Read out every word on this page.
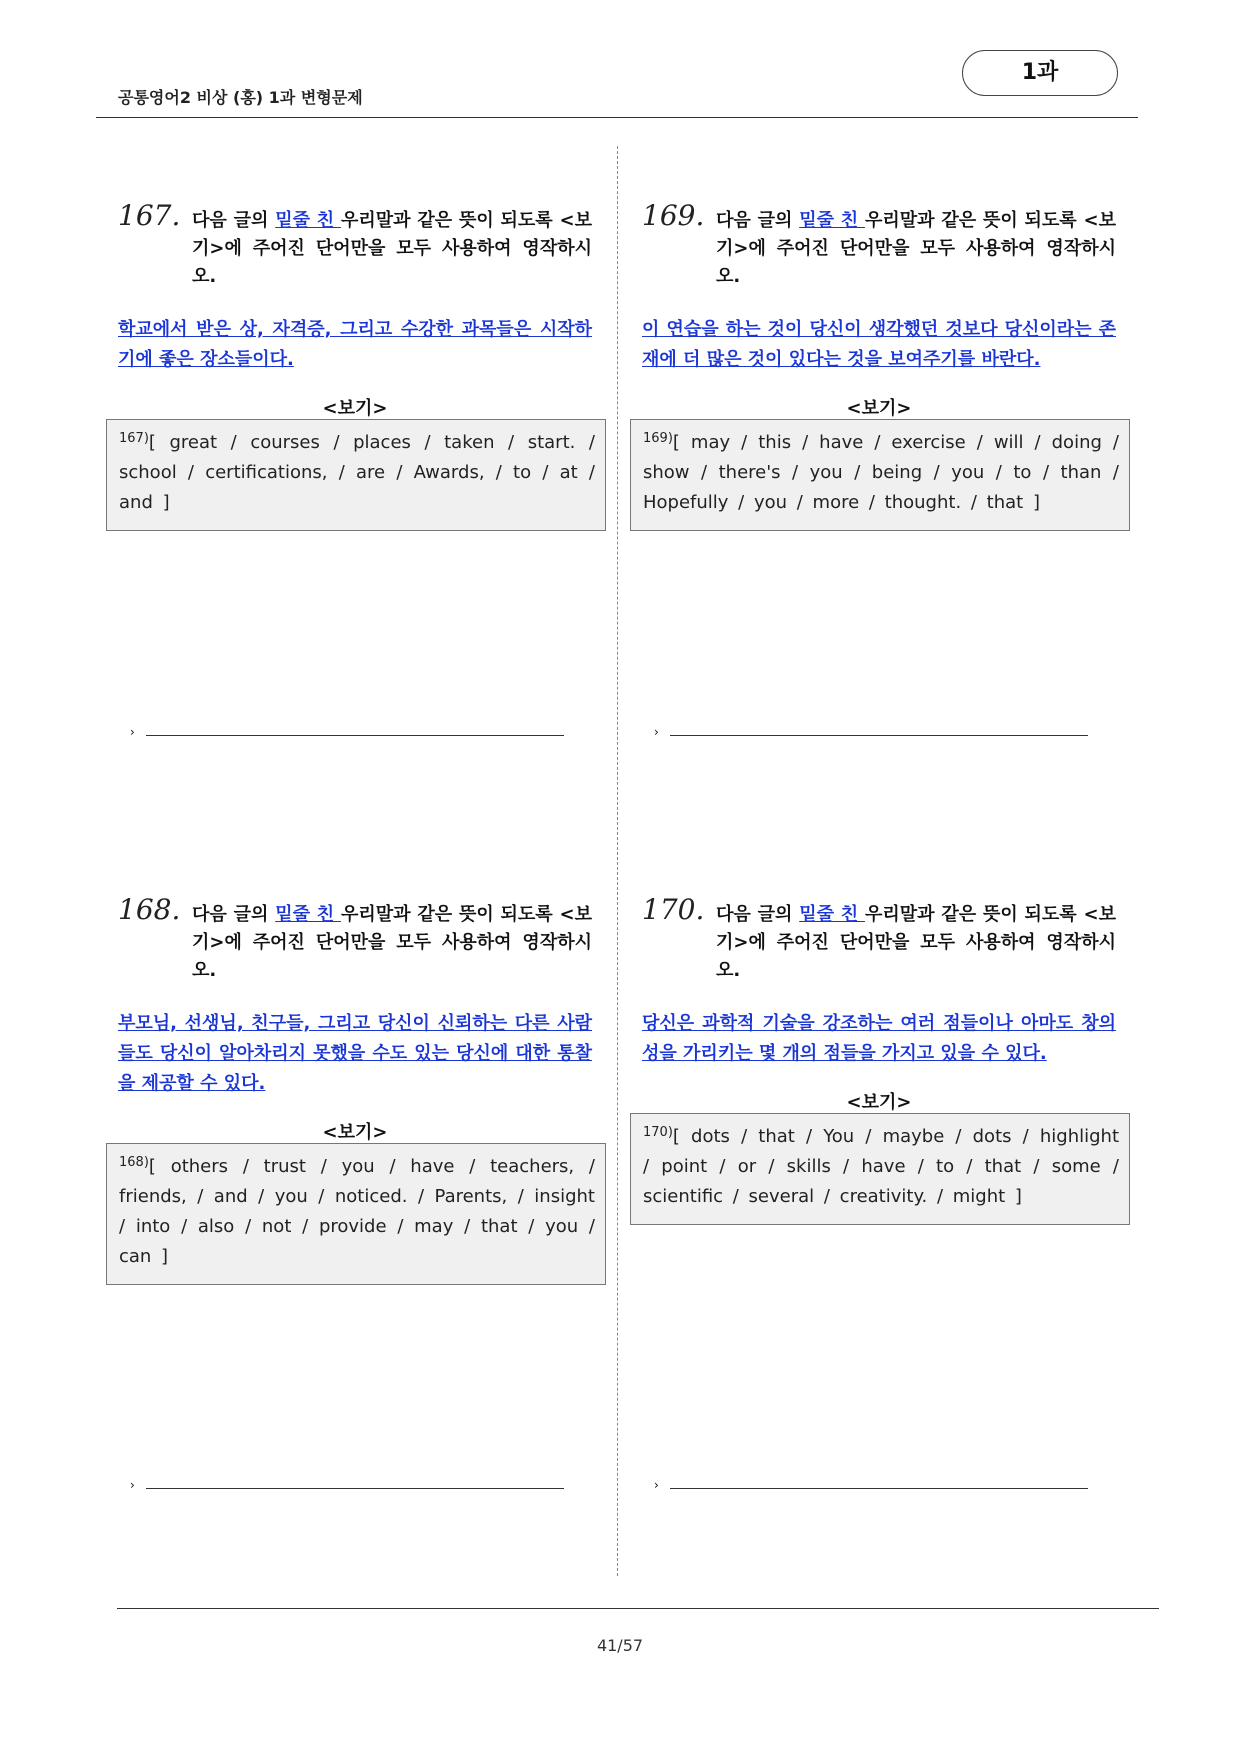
공통영어2 비상 (홍) 1과 변형문제
1과
167. 다음 글의 밑줄 친 우리말과 같은 뜻이 되도록 <보기>에 주어진 단어만을 모두 사용하여 영작하시오.
학교에서 받은 상, 자격증, 그리고 수강한 과목들은 시작하기에 좋은 장소들이다.
<보기>
$^{167)}$[ great / courses / places / taken / start. / school / certifications, / are / Awards, / to / at / and ]
›
169. 다음 글의 밑줄 친 우리말과 같은 뜻이 되도록 <보기>에 주어진 단어만을 모두 사용하여 영작하시오.
이 연습을 하는 것이 당신이 생각했던 것보다 당신이라는 존재에 더 많은 것이 있다는 것을 보여주기를 바란다.
<보기>
$^{169)}$[ may / this / have / exercise / will / doing / show / there's / you / being / you / to / than / Hopefully / you / more / thought. / that ]
›
168. 다음 글의 밑줄 친 우리말과 같은 뜻이 되도록 <보기>에 주어진 단어만을 모두 사용하여 영작하시오.
부모님, 선생님, 친구들, 그리고 당신이 신뢰하는 다른 사람들도 당신이 알아차리지 못했을 수도 있는 당신에 대한 통찰을 제공할 수 있다.
<보기>
$^{168)}$[ others / trust / you / have / teachers, / friends, / and / you / noticed. / Parents, / insight / into / also / not / provide / may / that / you / can ]
›
170. 다음 글의 밑줄 친 우리말과 같은 뜻이 되도록 <보기>에 주어진 단어만을 모두 사용하여 영작하시오.
당신은 과학적 기술을 강조하는 여러 점들이나 아마도 창의성을 가리키는 몇 개의 점들을 가지고 있을 수 있다.
<보기>
$^{170)}$[ dots / that / You / maybe / dots / highlight / point / or / skills / have / to / that / some / scientific / several / creativity. / might ]
›
41/57
